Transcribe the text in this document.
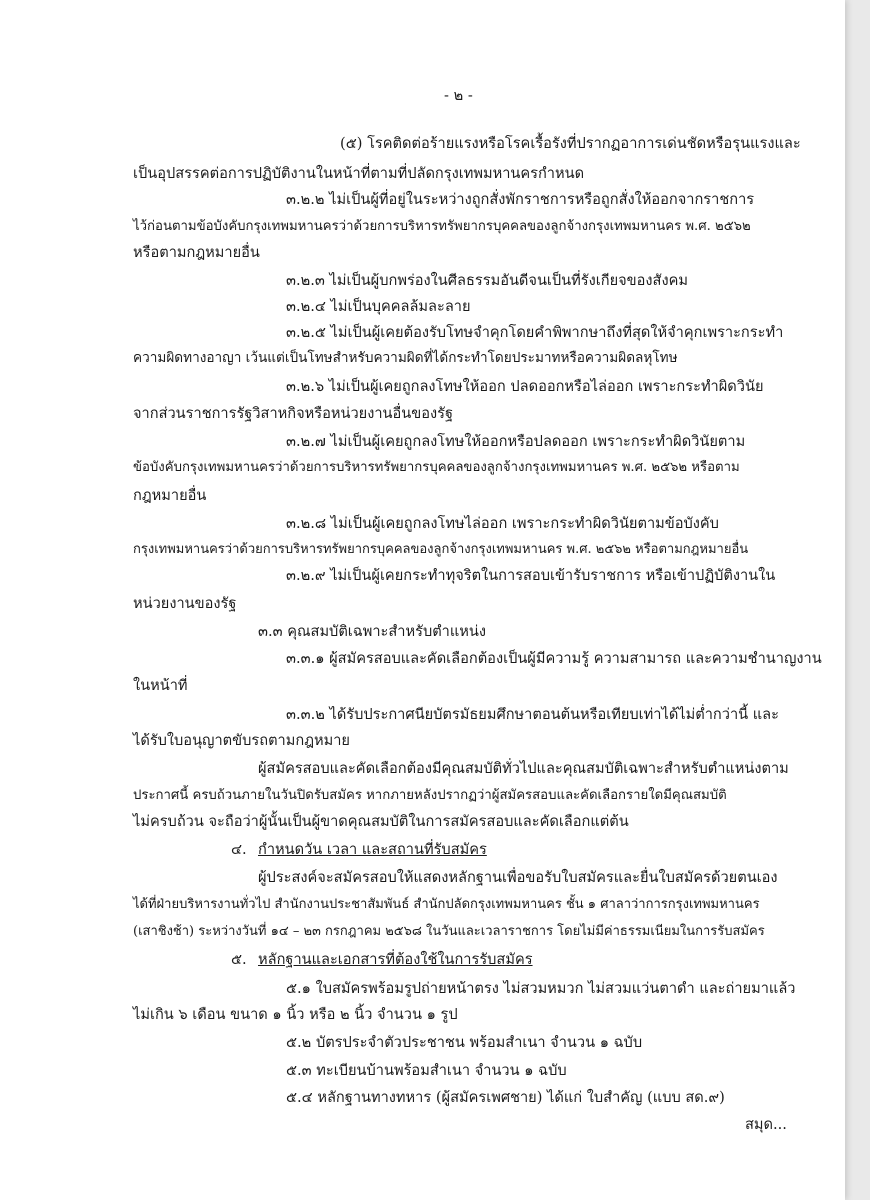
- ๒ -
(๕) โรคติดต่อร้ายแรงหรือโรคเรื้อรังที่ปรากฏอาการเด่นชัดหรือรุนแรงและ
เป็นอุปสรรคต่อการปฏิบัติงานในหน้าที่ตามที่ปลัดกรุงเทพมหานครกำหนด
๓.๒.๒ ไม่เป็นผู้ที่อยู่ในระหว่างถูกสั่งพักราชการหรือถูกสั่งให้ออกจากราชการ
ไว้ก่อนตามข้อบังคับกรุงเทพมหานครว่าด้วยการบริหารทรัพยากรบุคคลของลูกจ้างกรุงเทพมหานคร พ.ศ. ๒๕๖๒
หรือตามกฎหมายอื่น
๓.๒.๓ ไม่เป็นผู้บกพร่องในศีลธรรมอันดีจนเป็นที่รังเกียจของสังคม
๓.๒.๔ ไม่เป็นบุคคลล้มละลาย
๓.๒.๕ ไม่เป็นผู้เคยต้องรับโทษจำคุกโดยคำพิพากษาถึงที่สุดให้จำคุกเพราะกระทำ
ความผิดทางอาญา เว้นแต่เป็นโทษสำหรับความผิดที่ได้กระทำโดยประมาทหรือความผิดลหุโทษ
๓.๒.๖ ไม่เป็นผู้เคยถูกลงโทษให้ออก ปลดออกหรือไล่ออก เพราะกระทำผิดวินัย
จากส่วนราชการรัฐวิสาหกิจหรือหน่วยงานอื่นของรัฐ
๓.๒.๗ ไม่เป็นผู้เคยถูกลงโทษให้ออกหรือปลดออก เพราะกระทำผิดวินัยตาม
ข้อบังคับกรุงเทพมหานครว่าด้วยการบริหารทรัพยากรบุคคลของลูกจ้างกรุงเทพมหานคร พ.ศ. ๒๕๖๒ หรือตาม
กฎหมายอื่น
๓.๒.๘ ไม่เป็นผู้เคยถูกลงโทษไล่ออก เพราะกระทำผิดวินัยตามข้อบังคับ
กรุงเทพมหานครว่าด้วยการบริหารทรัพยากรบุคคลของลูกจ้างกรุงเทพมหานคร พ.ศ. ๒๕๖๒ หรือตามกฎหมายอื่น
๓.๒.๙ ไม่เป็นผู้เคยกระทำทุจริตในการสอบเข้ารับราชการ หรือเข้าปฏิบัติงานใน
หน่วยงานของรัฐ
๓.๓ คุณสมบัติเฉพาะสำหรับตำแหน่ง
๓.๓.๑ ผู้สมัครสอบและคัดเลือกต้องเป็นผู้มีความรู้ ความสามารถ และความชำนาญงาน
ในหน้าที่
๓.๓.๒ ได้รับประกาศนียบัตรมัธยมศึกษาตอนต้นหรือเทียบเท่าได้ไม่ต่ำกว่านี้ และ
ได้รับใบอนุญาตขับรถตามกฎหมาย
ผู้สมัครสอบและคัดเลือกต้องมีคุณสมบัติทั่วไปและคุณสมบัติเฉพาะสำหรับตำแหน่งตาม
ประกาศนี้ ครบถ้วนภายในวันปิดรับสมัคร หากภายหลังปรากฏว่าผู้สมัครสอบและคัดเลือกรายใดมีคุณสมบัติ
ไม่ครบถ้วน จะถือว่าผู้นั้นเป็นผู้ขาดคุณสมบัติในการสมัครสอบและคัดเลือกแต่ต้น
๔. กำหนดวัน เวลา และสถานที่รับสมัคร
ผู้ประสงค์จะสมัครสอบให้แสดงหลักฐานเพื่อขอรับใบสมัครและยื่นใบสมัครด้วยตนเอง
ได้ที่ฝ่ายบริหารงานทั่วไป สำนักงานประชาสัมพันธ์ สำนักปลัดกรุงเทพมหานคร ชั้น ๑ ศาลาว่าการกรุงเทพมหานคร
(เสาชิงช้า) ระหว่างวันที่ ๑๔ – ๒๓ กรกฎาคม ๒๕๖๘ ในวันและเวลาราชการ โดยไม่มีค่าธรรมเนียมในการรับสมัคร
๕. หลักฐานและเอกสารที่ต้องใช้ในการรับสมัคร
๕.๑ ใบสมัครพร้อมรูปถ่ายหน้าตรง ไม่สวมหมวก ไม่สวมแว่นตาดำ และถ่ายมาแล้ว
ไม่เกิน ๖ เดือน ขนาด ๑ นิ้ว หรือ ๒ นิ้ว จำนวน ๑ รูป
๕.๒ บัตรประจำตัวประชาชน พร้อมสำเนา จำนวน ๑ ฉบับ
๕.๓ ทะเบียนบ้านพร้อมสำเนา จำนวน ๑ ฉบับ
๕.๔ หลักฐานทางทหาร (ผู้สมัครเพศชาย) ได้แก่ ใบสำคัญ (แบบ สด.๙)
สมุด...
